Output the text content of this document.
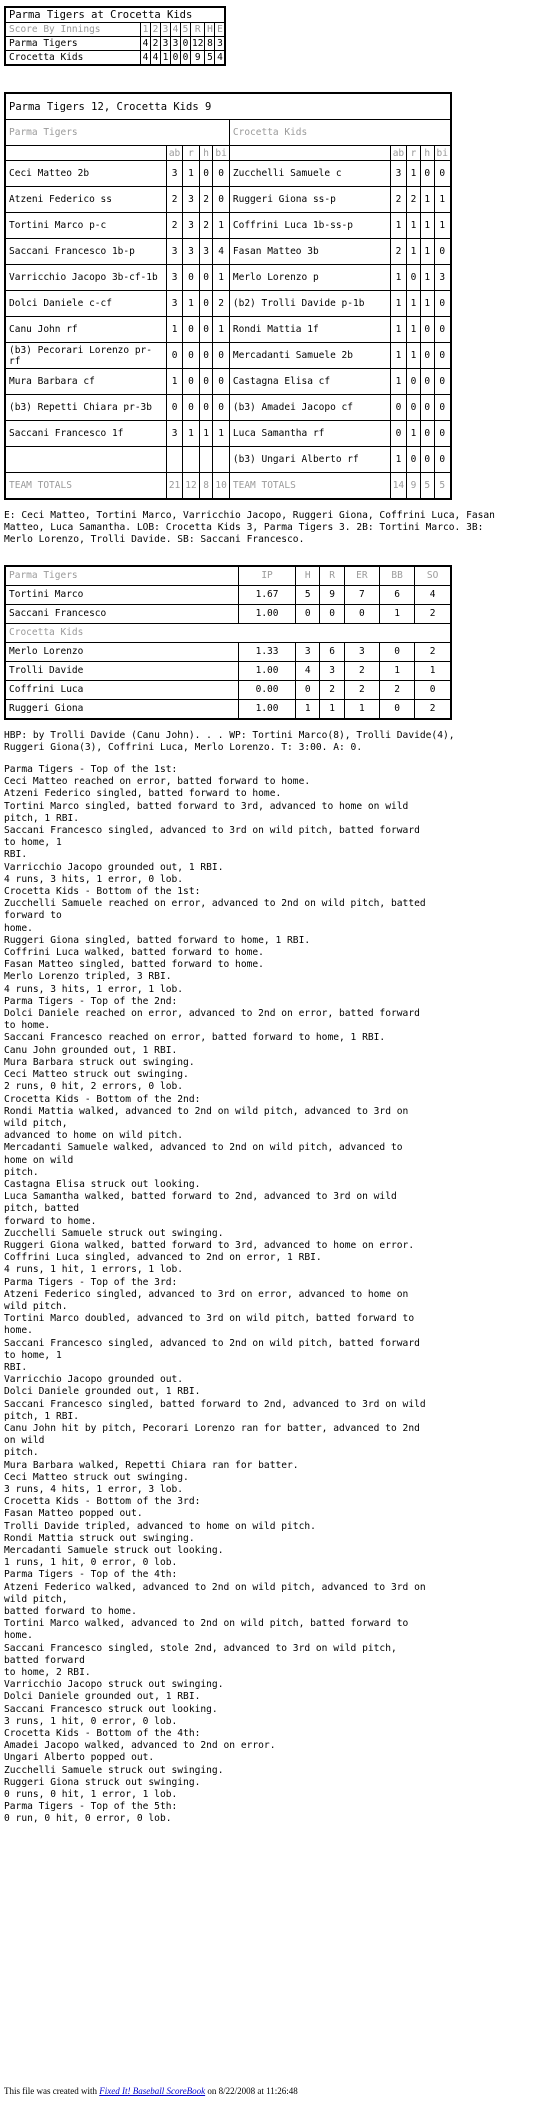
Parma Tigers at Crocetta Kids								
Score By Innings	1	2	3	4	5	R	H	E
Parma Tigers	4	2	3	3	0	12	8	3
Crocetta Kids	4	4	1	0	0	9	5	4
Parma Tigers 12, Crocetta Kids 9									
Parma Tigers					Crocetta Kids				
	ab	r	h	bi		ab	r	h	bi
Ceci Matteo 2b	3	1	0	0	Zucchelli Samuele c	3	1	0	0
Atzeni Federico ss	2	3	2	0	Ruggeri Giona ss-p	2	2	1	1
Tortini Marco p-c	2	3	2	1	Coffrini Luca 1b-ss-p	1	1	1	1
Saccani Francesco 1b-p	3	3	3	4	Fasan Matteo 3b	2	1	1	0
Varricchio Jacopo 3b-cf-1b	3	0	0	1	Merlo Lorenzo p	1	0	1	3
Dolci Daniele c-cf	3	1	0	2	(b2) Trolli Davide p-1b	1	1	1	0
Canu John rf	1	0	0	1	Rondi Mattia 1f	1	1	0	0
(b3) Pecorari Lorenzo pr-rf	0	0	0	0	Mercadanti Samuele 2b	1	1	0	0
Mura Barbara cf	1	0	0	0	Castagna Elisa cf	1	0	0	0
(b3) Repetti Chiara pr-3b	0	0	0	0	(b3) Amadei Jacopo cf	0	0	0	0
Saccani Francesco 1f	3	1	1	1	Luca Samantha rf	0	1	0	0
					(b3) Ungari Alberto rf	1	0	0	0
TEAM TOTALS	21	12	8	10	TEAM TOTALS	14	9	5	5
E: Ceci Matteo, Tortini Marco, Varricchio Jacopo, Ruggeri Giona, Coffrini Luca, Fasan
Matteo, Luca Samantha. LOB: Crocetta Kids 3, Parma Tigers 3. 2B: Tortini Marco. 3B:
Merlo Lorenzo, Trolli Davide. SB: Saccani Francesco.
Parma Tigers	IP	H	R	ER	BB	SO
Tortini Marco	1.67	5	9	7	6	4
Saccani Francesco	1.00	0	0	0	1	2
Crocetta Kids						
Merlo Lorenzo	1.33	3	6	3	0	2
Trolli Davide	1.00	4	3	2	1	1
Coffrini Luca	0.00	0	2	2	2	0
Ruggeri Giona	1.00	1	1	1	0	2
HBP: by Trolli Davide (Canu John). . . WP: Tortini Marco(8), Trolli Davide(4),
Ruggeri Giona(3), Coffrini Luca, Merlo Lorenzo. T: 3:00. A: 0.
Parma Tigers - Top of the 1st:
Ceci Matteo reached on error, batted forward to home.
Atzeni Federico singled, batted forward to home.
Tortini Marco singled, batted forward to 3rd, advanced to home on wild
pitch, 1 RBI.
Saccani Francesco singled, advanced to 3rd on wild pitch, batted forward
to home, 1
RBI.
Varricchio Jacopo grounded out, 1 RBI.
4 runs, 3 hits, 1 error, 0 lob.
Crocetta Kids - Bottom of the 1st:
Zucchelli Samuele reached on error, advanced to 2nd on wild pitch, batted
forward to
home.
Ruggeri Giona singled, batted forward to home, 1 RBI.
Coffrini Luca walked, batted forward to home.
Fasan Matteo singled, batted forward to home.
Merlo Lorenzo tripled, 3 RBI.
4 runs, 3 hits, 1 error, 1 lob.
Parma Tigers - Top of the 2nd:
Dolci Daniele reached on error, advanced to 2nd on error, batted forward
to home.
Saccani Francesco reached on error, batted forward to home, 1 RBI.
Canu John grounded out, 1 RBI.
Mura Barbara struck out swinging.
Ceci Matteo struck out swinging.
2 runs, 0 hit, 2 errors, 0 lob.
Crocetta Kids - Bottom of the 2nd:
Rondi Mattia walked, advanced to 2nd on wild pitch, advanced to 3rd on
wild pitch,
advanced to home on wild pitch.
Mercadanti Samuele walked, advanced to 2nd on wild pitch, advanced to
home on wild
pitch.
Castagna Elisa struck out looking.
Luca Samantha walked, batted forward to 2nd, advanced to 3rd on wild
pitch, batted
forward to home.
Zucchelli Samuele struck out swinging.
Ruggeri Giona walked, batted forward to 3rd, advanced to home on error.
Coffrini Luca singled, advanced to 2nd on error, 1 RBI.
4 runs, 1 hit, 1 errors, 1 lob.
Parma Tigers - Top of the 3rd:
Atzeni Federico singled, advanced to 3rd on error, advanced to home on
wild pitch.
Tortini Marco doubled, advanced to 3rd on wild pitch, batted forward to
home.
Saccani Francesco singled, advanced to 2nd on wild pitch, batted forward
to home, 1
RBI.
Varricchio Jacopo grounded out.
Dolci Daniele grounded out, 1 RBI.
Saccani Francesco singled, batted forward to 2nd, advanced to 3rd on wild
pitch, 1 RBI.
Canu John hit by pitch, Pecorari Lorenzo ran for batter, advanced to 2nd
on wild
pitch.
Mura Barbara walked, Repetti Chiara ran for batter.
Ceci Matteo struck out swinging.
3 runs, 4 hits, 1 error, 3 lob.
Crocetta Kids - Bottom of the 3rd:
Fasan Matteo popped out.
Trolli Davide tripled, advanced to home on wild pitch.
Rondi Mattia struck out swinging.
Mercadanti Samuele struck out looking.
1 runs, 1 hit, 0 error, 0 lob.
Parma Tigers - Top of the 4th:
Atzeni Federico walked, advanced to 2nd on wild pitch, advanced to 3rd on
wild pitch,
batted forward to home.
Tortini Marco walked, advanced to 2nd on wild pitch, batted forward to
home.
Saccani Francesco singled, stole 2nd, advanced to 3rd on wild pitch,
batted forward
to home, 2 RBI.
Varricchio Jacopo struck out swinging.
Dolci Daniele grounded out, 1 RBI.
Saccani Francesco struck out looking.
3 runs, 1 hit, 0 error, 0 lob.
Crocetta Kids - Bottom of the 4th:
Amadei Jacopo walked, advanced to 2nd on error.
Ungari Alberto popped out.
Zucchelli Samuele struck out swinging.
Ruggeri Giona struck out swinging.
0 runs, 0 hit, 1 error, 1 lob.
Parma Tigers - Top of the 5th:
0 run, 0 hit, 0 error, 0 lob.
This file was created with Fixed It! Baseball ScoreBook on 8/22/2008 at 11:26:48
